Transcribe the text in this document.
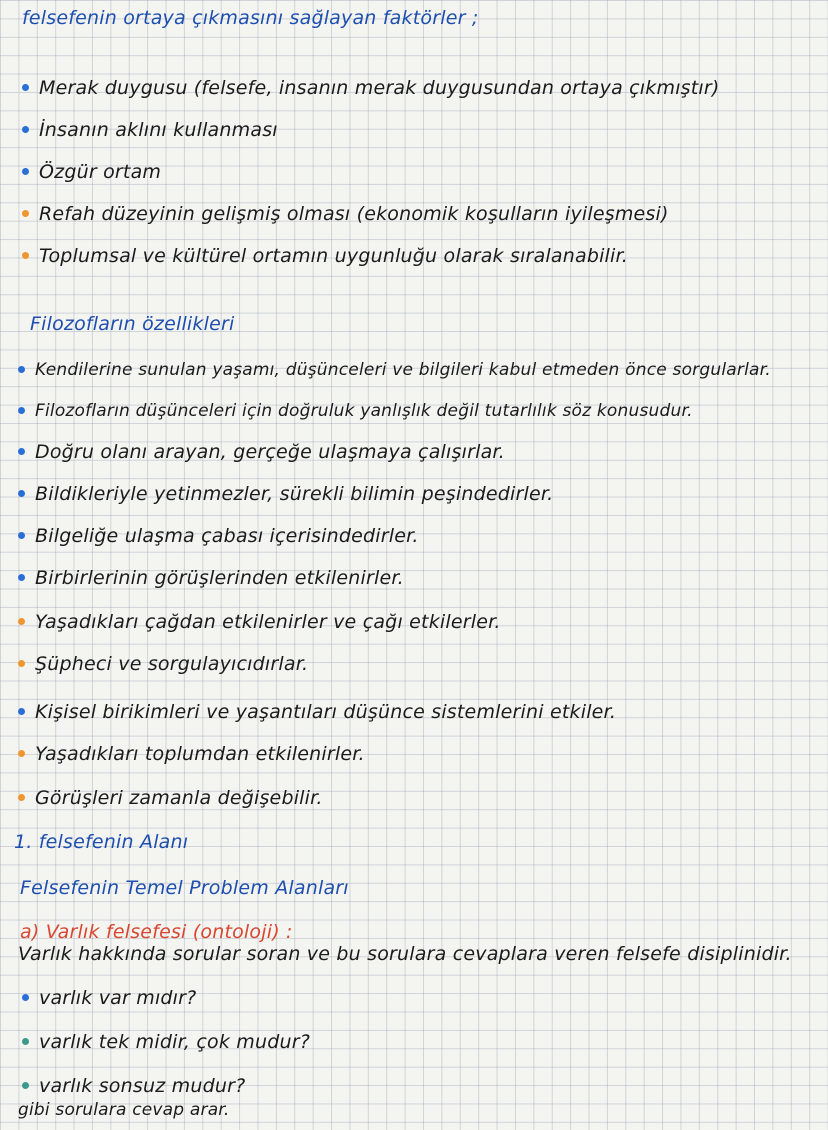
felsefenin ortaya çıkmasını sağlayan faktörler ;
Merak duygusu (felsefe, insanın merak duygusundan ortaya çıkmıştır)
İnsanın aklını kullanması
Özgür ortam
Refah düzeyinin gelişmiş olması (ekonomik koşulların iyileşmesi)
Toplumsal ve kültürel ortamın uygunluğu olarak sıralanabilir.
Filozofların özellikleri
Kendilerine sunulan yaşamı, düşünceleri ve bilgileri kabul etmeden önce sorgularlar.
Filozofların düşünceleri için doğruluk yanlışlık değil tutarlılık söz konusudur.
Doğru olanı arayan, gerçeğe ulaşmaya çalışırlar.
Bildikleriyle yetinmezler, sürekli bilimin peşindedirler.
Bilgeliğe ulaşma çabası içerisindedirler.
Birbirlerinin görüşlerinden etkilenirler.
Yaşadıkları çağdan etkilenirler ve çağı etkilerler.
Şüpheci ve sorgulayıcıdırlar.
Kişisel birikimleri ve yaşantıları düşünce sistemlerini etkiler.
Yaşadıkları toplumdan etkilenirler.
Görüşleri zamanla değişebilir.
1. felsefenin Alanı
Felsefenin Temel Problem Alanları
a) Varlık felsefesi (ontoloji) :
Varlık hakkında sorular soran ve bu sorulara cevaplara veren felsefe disiplinidir.
varlık var mıdır?
varlık tek midir, çok mudur?
varlık sonsuz mudur?
gibi sorulara cevap arar.
